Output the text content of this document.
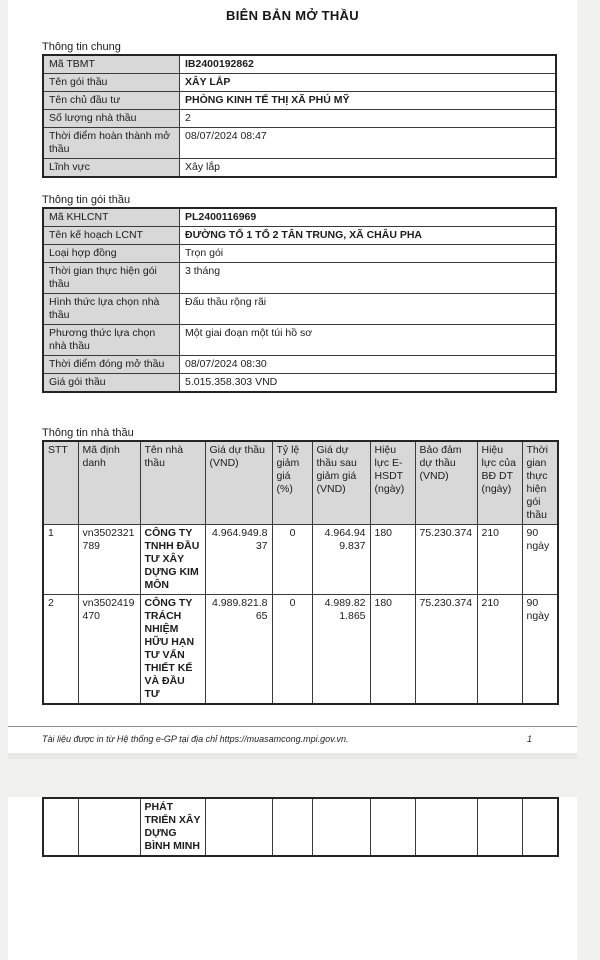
BIÊN BẢN MỞ THẦU
Thông tin chung
Mã TBMT	IB2400192862
Tên gói thầu	XÂY LẮP
Tên chủ đầu tư	PHÒNG KINH TẾ THỊ XÃ PHÚ MỸ
Số lượng nhà thầu	2
Thời điểm hoàn thành mở thầu	08/07/2024 08:47
Lĩnh vực	Xây lắp
Thông tin gói thầu
Mã KHLCNT	PL2400116969
Tên kế hoạch LCNT	ĐƯỜNG TỔ 1 TỔ 2 TÂN TRUNG, XÃ CHÂU PHA
Loại hợp đồng	Trọn gói
Thời gian thực hiện gói thầu	3 tháng
Hình thức lựa chọn nhà thầu	Đấu thầu rộng rãi
Phương thức lựa chọn nhà thầu	Một giai đoạn một túi hồ sơ
Thời điểm đóng mở thầu	08/07/2024 08:30
Giá gói thầu	5.015.358.303 VND
Thông tin nhà thầu
STT	Mã định danh	Tên nhà thầu	Giá dự thầu (VND)	Tỷ lệ giảm giá (%)	Giá dự thầu sau giảm giá (VND)	Hiệu lực E-HSDT (ngày)	Bảo đảm dự thầu (VND)	Hiệu lực của BĐ DT (ngày)	Thời gian thực hiện gói thầu
1	vn3502321789	CÔNG TY TNHH ĐẦU TƯ XÂY DỰNG KIM MÔN	4.964.949.837	0	4.964.949.837	180	75.230.374	210	90 ngày
2	vn3502419470	CÔNG TY TRÁCH NHIỆM HỮU HẠN TƯ VẤN THIẾT KẾ VÀ ĐẦU TƯ	4.989.821.865	0	4.989.821.865	180	75.230.374	210	90 ngày
Tài liệu được in từ Hệ thống e-GP tại địa chỉ https://muasamcong.mpi.gov.vn.	1
		PHÁT TRIỂN XÂY DỰNG BÌNH MINH							
